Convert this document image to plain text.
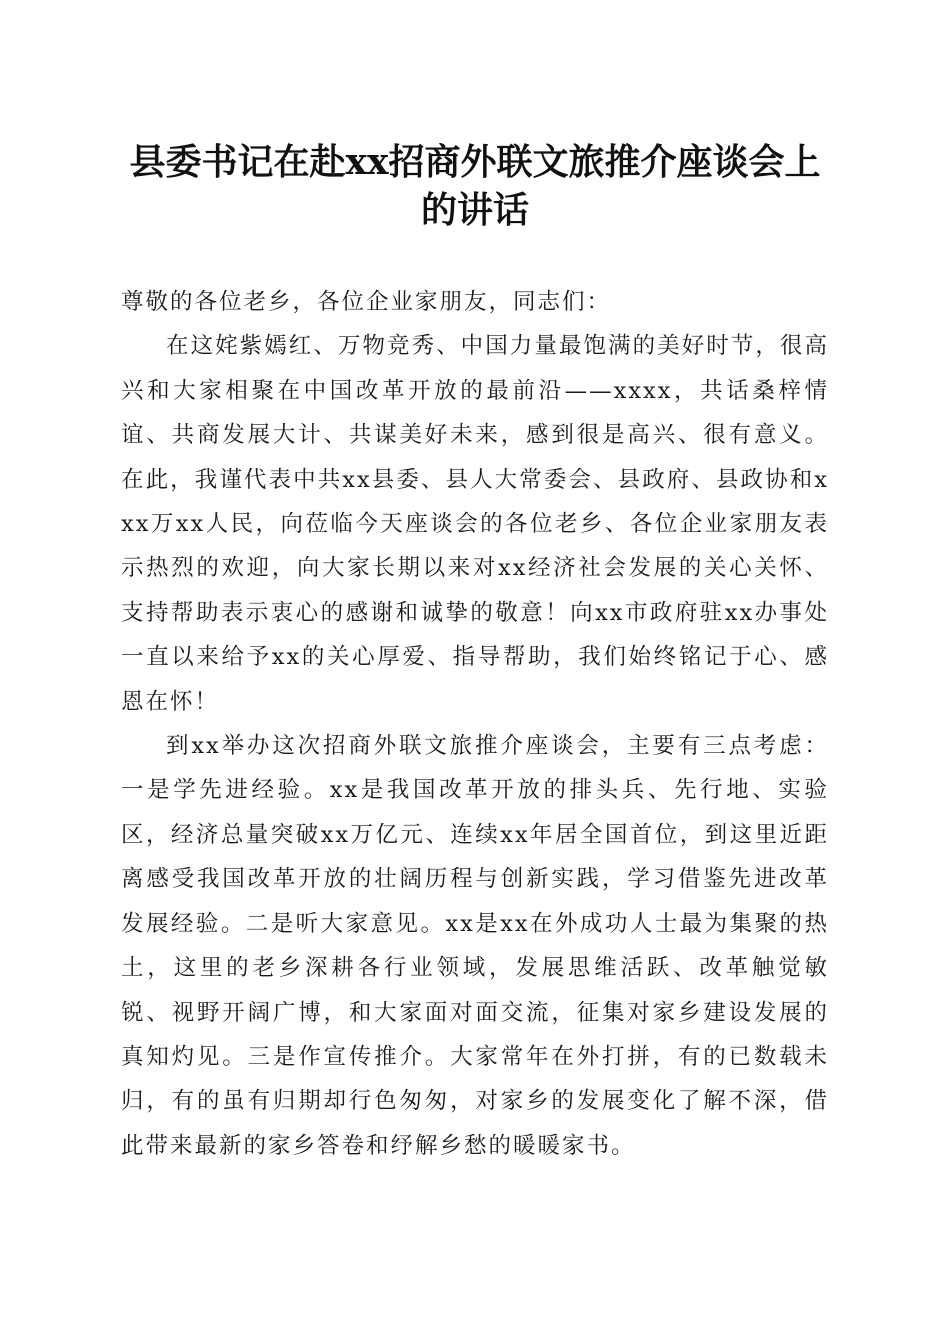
县委书记在赴xx招商外联文旅推介座谈会上
的讲话

尊敬的各位老乡，各位企业家朋友，同志们：

在这姹紫嫣红、万物竞秀、中国力量最饱满的美好时节，很高兴和大家相聚在中国改革开放的最前沿——xxxx，共话桑梓情谊、共商发展大计、共谋美好未来，感到很是高兴、很有意义。在此，我谨代表中共xx县委、县人大常委会、县政府、县政协和xxx万xx人民，向莅临今天座谈会的各位老乡、各位企业家朋友表示热烈的欢迎，向大家长期以来对xx经济社会发展的关心关怀、支持帮助表示衷心的感谢和诚挚的敬意！向xx市政府驻xx办事处一直以来给予xx的关心厚爱、指导帮助，我们始终铭记于心、感恩在怀！

到xx举办这次招商外联文旅推介座谈会，主要有三点考虑：一是学先进经验。xx是我国改革开放的排头兵、先行地、实验区，经济总量突破xx万亿元、连续xx年居全国首位，到这里近距离感受我国改革开放的壮阔历程与创新实践，学习借鉴先进改革发展经验。二是听大家意见。xx是xx在外成功人士最为集聚的热土，这里的老乡深耕各行业领域，发展思维活跃、改革触觉敏锐、视野开阔广博，和大家面对面交流，征集对家乡建设发展的真知灼见。三是作宣传推介。大家常年在外打拼，有的已数载未归，有的虽有归期却行色匆匆，对家乡的发展变化了解不深，借此带来最新的家乡答卷和纾解乡愁的暖暖家书。
